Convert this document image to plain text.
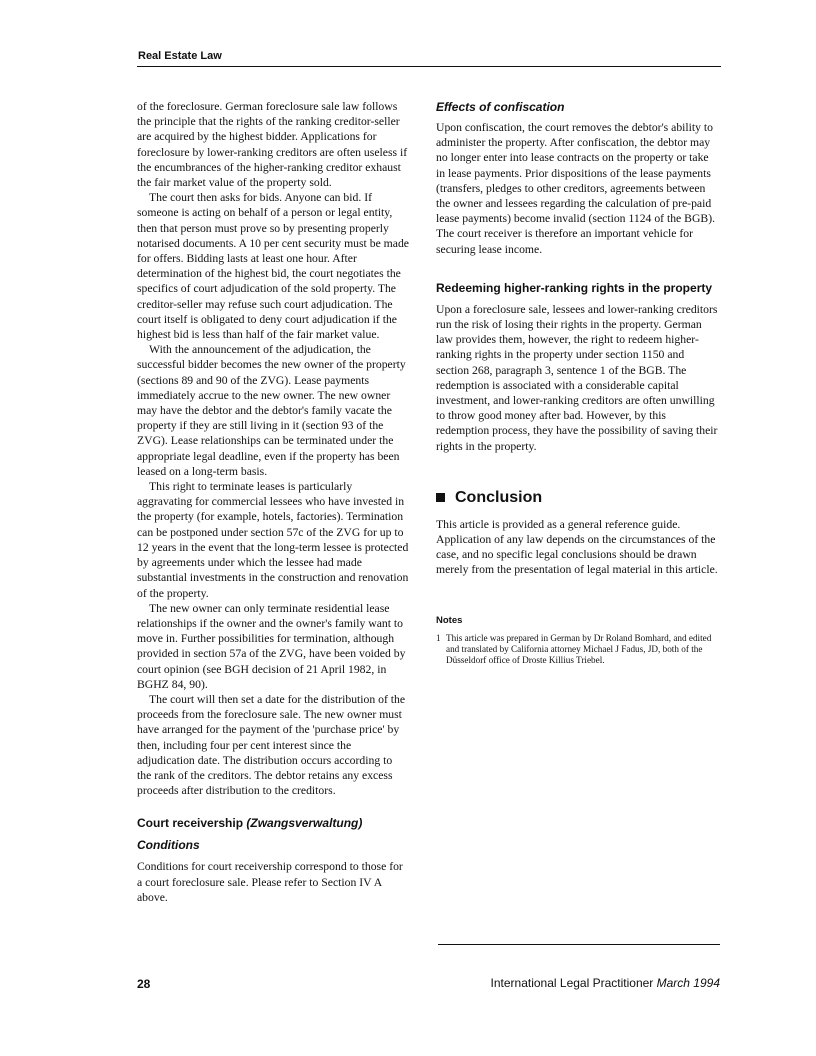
Real Estate Law

of the foreclosure. German foreclosure sale law follows the principle that the rights of the ranking creditor-seller are acquired by the highest bidder. Applications for foreclosure by lower-ranking creditors are often useless if the encumbrances of the higher-ranking creditor exhaust the fair market value of the property sold.

The court then asks for bids. Anyone can bid. If someone is acting on behalf of a person or legal entity, then that person must prove so by presenting properly notarised documents. A 10 per cent security must be made for offers. Bidding lasts at least one hour. After determination of the highest bid, the court negotiates the specifics of court adjudication of the sold property. The creditor-seller may refuse such court adjudication. The court itself is obligated to deny court adjudication if the highest bid is less than half of the fair market value.

With the announcement of the adjudication, the successful bidder becomes the new owner of the property (sections 89 and 90 of the ZVG). Lease payments immediately accrue to the new owner. The new owner may have the debtor and the debtor's family vacate the property if they are still living in it (section 93 of the ZVG). Lease relationships can be terminated under the appropriate legal deadline, even if the property has been leased on a long-term basis.

This right to terminate leases is particularly aggravating for commercial lessees who have invested in the property (for example, hotels, factories). Termination can be postponed under section 57c of the ZVG for up to 12 years in the event that the long-term lessee is protected by agreements under which the lessee had made substantial investments in the construction and renovation of the property.

The new owner can only terminate residential lease relationships if the owner and the owner's family want to move in. Further possibilities for termination, although provided in section 57a of the ZVG, have been voided by court opinion (see BGH decision of 21 April 1982, in BGHZ 84, 90).

The court will then set a date for the distribution of the proceeds from the foreclosure sale. The new owner must have arranged for the payment of the 'purchase price' by then, including four per cent interest since the adjudication date. The distribution occurs according to the rank of the creditors. The debtor retains any excess proceeds after distribution to the creditors.

Court receivership (Zwangsverwaltung)
Conditions

Conditions for court receivership correspond to those for a court foreclosure sale. Please refer to Section IV A above.

Effects of confiscation

Upon confiscation, the court removes the debtor's ability to administer the property. After confiscation, the debtor may no longer enter into lease contracts on the property or take in lease payments. Prior dispositions of the lease payments (transfers, pledges to other creditors, agreements between the owner and lessees regarding the calculation of pre-paid lease payments) become invalid (section 1124 of the BGB). The court receiver is therefore an important vehicle for securing lease income.

Redeeming higher-ranking rights in the property

Upon a foreclosure sale, lessees and lower-ranking creditors run the risk of losing their rights in the property. German law provides them, however, the right to redeem higher-ranking rights in the property under section 1150 and section 268, paragraph 3, sentence 1 of the BGB. The redemption is associated with a considerable capital investment, and lower-ranking creditors are often unwilling to throw good money after bad. However, by this redemption process, they have the possibility of saving their rights in the property.

Conclusion

This article is provided as a general reference guide. Application of any law depends on the circumstances of the case, and no specific legal conclusions should be drawn merely from the presentation of legal material in this article.

Notes
1 This article was prepared in German by Dr Roland Bomhard, and edited and translated by California attorney Michael J Fadus, JD, both of the Düsseldorf office of Droste Killius Triebel.
28	International Legal Practitioner March 1994
